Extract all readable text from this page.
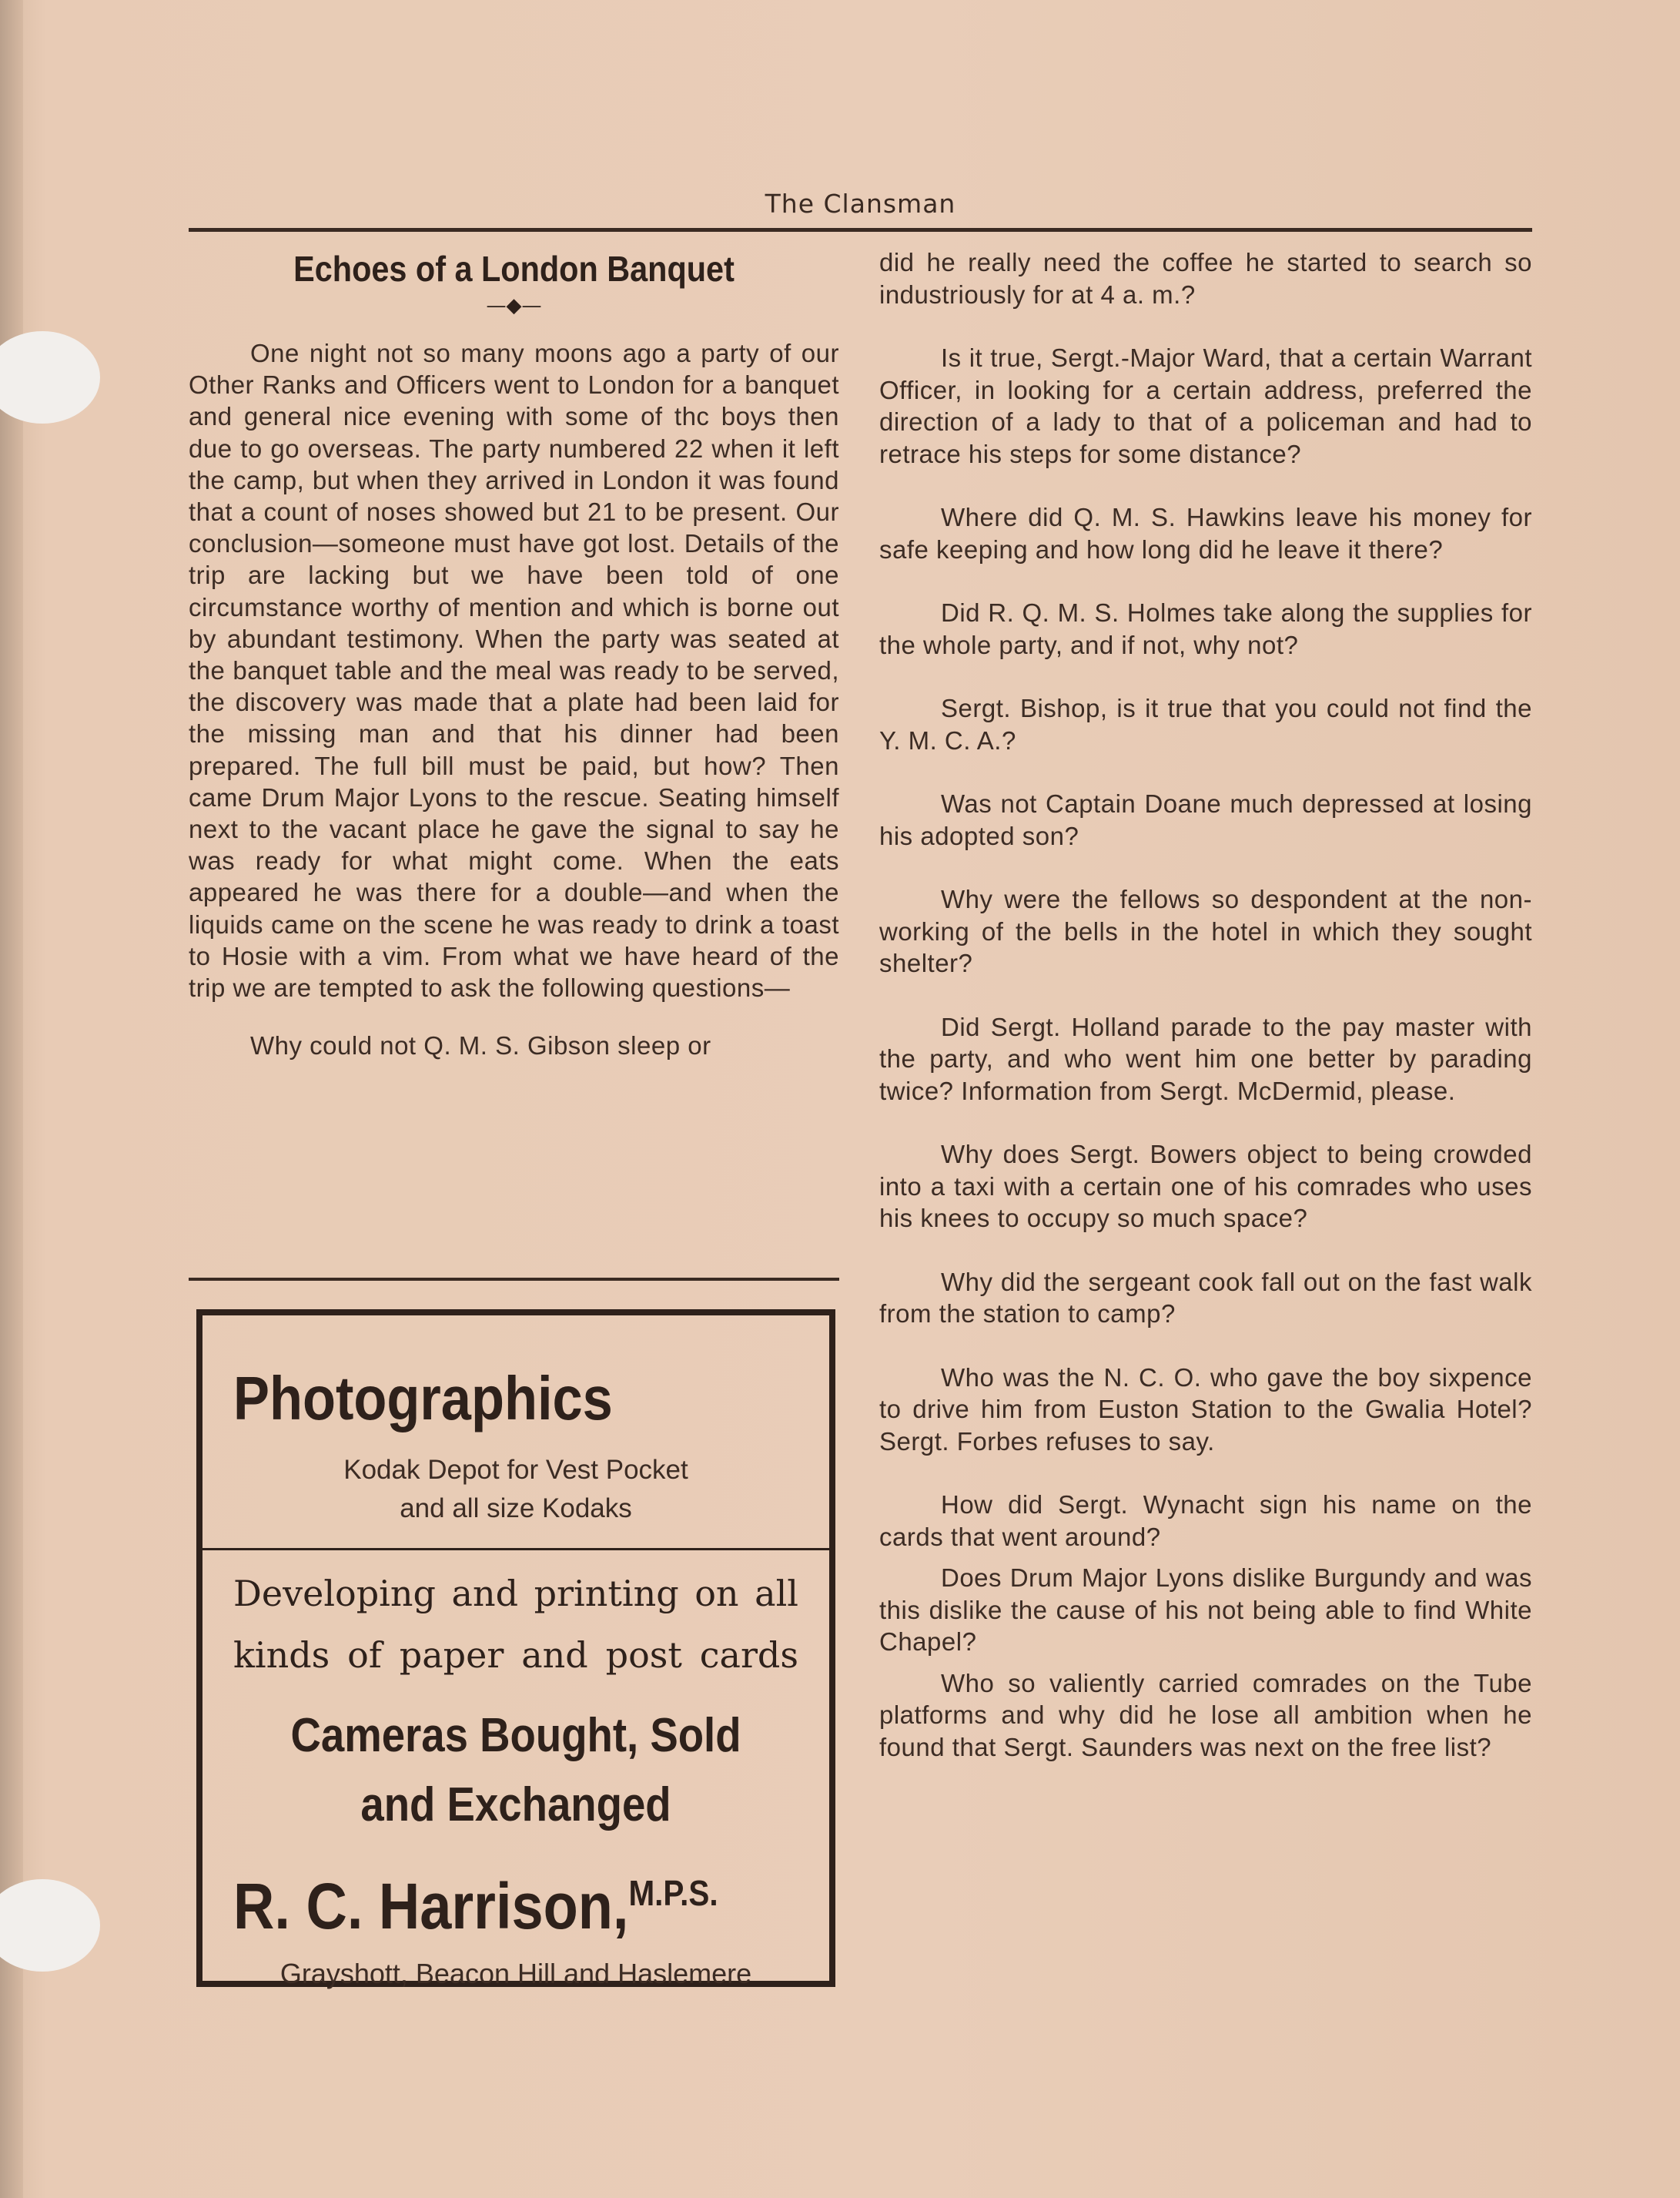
The Clansman
Echoes of a London Banquet
—◆—

One night not so many moons ago a party of our Other Ranks and Officers went to London for a banquet and general nice evening with some of thc boys then due to go overseas. The party numbered 22 when it left the camp, but when they arrived in London it was found that a count of noses showed but 21 to be present. Our conclusion—someone must have got lost. Details of the trip are lacking but we have been told of one circumstance worthy of mention and which is borne out by abundant testimony. When the party was seated at the banquet table and the meal was ready to be served, the discovery was made that a plate had been laid for the missing man and that his dinner had been prepared. The full bill must be paid, but how? Then came Drum Major Lyons to the rescue. Seating himself next to the vacant place he gave the signal to say he was ready for what might come. When the eats appeared he was there for a double—and when the liquids came on the scene he was ready to drink a toast to Hosie with a vim. From what we have heard of the trip we are tempted to ask the following questions—

Why could not Q. M. S. Gibson sleep or

Photographics
Kodak Depot for Vest Pocket
and all size Kodaks
Developing and printing on all
kinds of paper and post cards
Cameras Bought, Sold
and Exchanged
R. C. Harrison,$^{M.P.S.}$
Grayshott, Beacon Hill and Haslemere

did he really need the coffee he started to search so industriously for at 4 a. m.?

Is it true, Sergt.-Major Ward, that a certain Warrant Officer, in looking for a certain address, preferred the direction of a lady to that of a policeman and had to retrace his steps for some distance?

Where did Q. M. S. Hawkins leave his money for safe keeping and how long did he leave it there?

Did R. Q. M. S. Holmes take along the supplies for the whole party, and if not, why not?

Sergt. Bishop, is it true that you could not find the Y. M. C. A.?

Was not Captain Doane much depressed at losing his adopted son?

Why were the fellows so despondent at the non-working of the bells in the hotel in which they sought shelter?

Did Sergt. Holland parade to the pay master with the party, and who went him one better by parading twice? Information from Sergt. McDermid, please.

Why does Sergt. Bowers object to being crowded into a taxi with a certain one of his comrades who uses his knees to occupy so much space?

Why did the sergeant cook fall out on the fast walk from the station to camp?

Who was the N. C. O. who gave the boy sixpence to drive him from Euston Station to the Gwalia Hotel? Sergt. Forbes refuses to say.

How did Sergt. Wynacht sign his name on the cards that went around?

Does Drum Major Lyons dislike Burgundy and was this dislike the cause of his not being able to find White Chapel?

Who so valiently carried comrades on the Tube platforms and why did he lose all ambition when he found that Sergt. Saunders was next on the free list?
